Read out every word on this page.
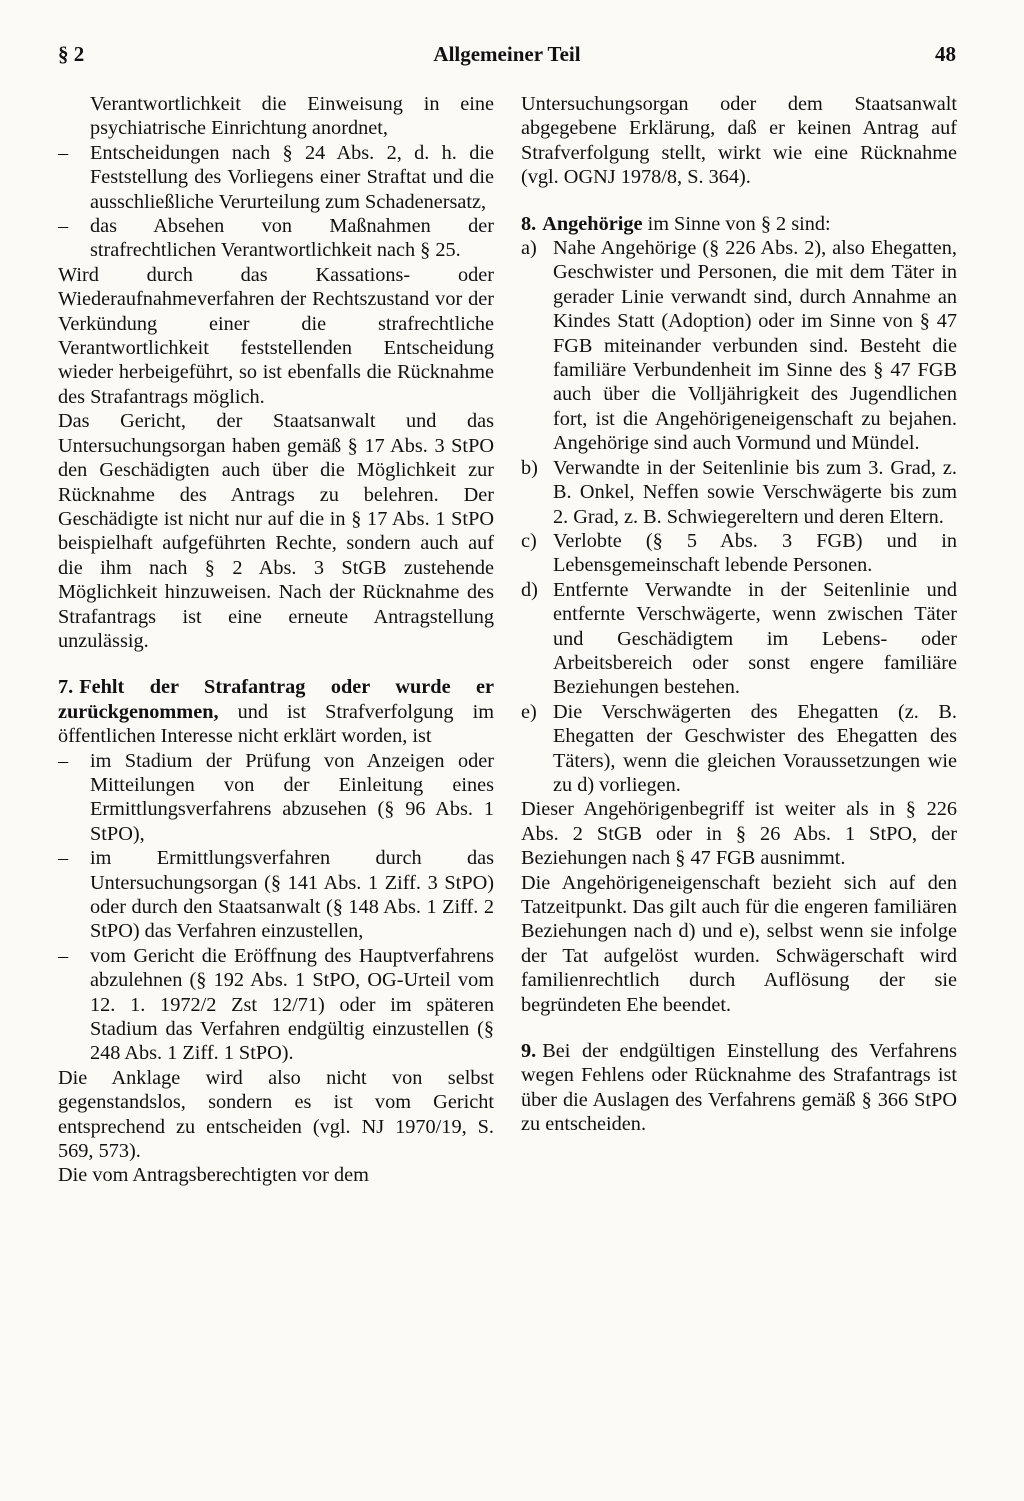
§ 2	Allgemeiner Teil	48

Verantwortlichkeit die Einweisung in eine psychiatrische Einrichtung anordnet,

– Entscheidungen nach § 24 Abs. 2, d. h. die Feststellung des Vorliegens einer Straftat und die ausschließliche Verurteilung zum Schadenersatz,

– das Absehen von Maßnahmen der strafrechtlichen Verantwortlichkeit nach § 25.

Wird durch das Kassations- oder Wiederaufnahmeverfahren der Rechtszustand vor der Verkündung einer die strafrechtliche Verantwortlichkeit feststellenden Entscheidung wieder herbeigeführt, so ist ebenfalls die Rücknahme des Strafantrags möglich.

Das Gericht, der Staatsanwalt und das Untersuchungsorgan haben gemäß § 17 Abs. 3 StPO den Geschädigten auch über die Möglichkeit zur Rücknahme des Antrags zu belehren. Der Geschädigte ist nicht nur auf die in § 17 Abs. 1 StPO beispielhaft aufgeführten Rechte, sondern auch auf die ihm nach § 2 Abs. 3 StGB zustehende Möglichkeit hinzuweisen. Nach der Rücknahme des Strafantrags ist eine erneute Antragstellung unzulässig.

7. Fehlt der Strafantrag oder wurde er zurückgenommen, und ist Strafverfolgung im öffentlichen Interesse nicht erklärt worden, ist

– im Stadium der Prüfung von Anzeigen oder Mitteilungen von der Einleitung eines Ermittlungsverfahrens abzusehen (§ 96 Abs. 1 StPO),

– im Ermittlungsverfahren durch das Untersuchungsorgan (§ 141 Abs. 1 Ziff. 3 StPO) oder durch den Staatsanwalt (§ 148 Abs. 1 Ziff. 2 StPO) das Verfahren einzustellen,

– vom Gericht die Eröffnung des Hauptverfahrens abzulehnen (§ 192 Abs. 1 StPO, OG-Urteil vom 12. 1. 1972/2 Zst 12/71) oder im späteren Stadium das Verfahren endgültig einzustellen (§ 248 Abs. 1 Ziff. 1 StPO).

Die Anklage wird also nicht von selbst gegenstandslos, sondern es ist vom Gericht entsprechend zu entscheiden (vgl. NJ 1970/19, S. 569, 573).

Die vom Antragsberechtigten vor dem

Untersuchungsorgan oder dem Staatsanwalt abgegebene Erklärung, daß er keinen Antrag auf Strafverfolgung stellt, wirkt wie eine Rücknahme (vgl. OGNJ 1978/8, S. 364).

8. Angehörige im Sinne von § 2 sind:

a) Nahe Angehörige (§ 226 Abs. 2), also Ehegatten, Geschwister und Personen, die mit dem Täter in gerader Linie verwandt sind, durch Annahme an Kindes Statt (Adoption) oder im Sinne von § 47 FGB miteinander verbunden sind. Besteht die familiäre Verbundenheit im Sinne des § 47 FGB auch über die Volljährigkeit des Jugendlichen fort, ist die Angehörigeneigenschaft zu bejahen. Angehörige sind auch Vormund und Mündel.

b) Verwandte in der Seitenlinie bis zum 3. Grad, z. B. Onkel, Neffen sowie Verschwägerte bis zum 2. Grad, z. B. Schwiegereltern und deren Eltern.

c) Verlobte (§ 5 Abs. 3 FGB) und in Lebensgemeinschaft lebende Personen.

d) Entfernte Verwandte in der Seitenlinie und entfernte Verschwägerte, wenn zwischen Täter und Geschädigtem im Lebens- oder Arbeitsbereich oder sonst engere familiäre Beziehungen bestehen.

e) Die Verschwägerten des Ehegatten (z. B. Ehegatten der Geschwister des Ehegatten des Täters), wenn die gleichen Voraussetzungen wie zu d) vorliegen.

Dieser Angehörigenbegriff ist weiter als in § 226 Abs. 2 StGB oder in § 26 Abs. 1 StPO, der Beziehungen nach § 47 FGB ausnimmt.

Die Angehörigeneigenschaft bezieht sich auf den Tatzeitpunkt. Das gilt auch für die engeren familiären Beziehungen nach d) und e), selbst wenn sie infolge der Tat aufgelöst wurden. Schwägerschaft wird familienrechtlich durch Auflösung der sie begründeten Ehe beendet.

9. Bei der endgültigen Einstellung des Verfahrens wegen Fehlens oder Rücknahme des Strafantrags ist über die Auslagen des Verfahrens gemäß § 366 StPO zu entscheiden.
